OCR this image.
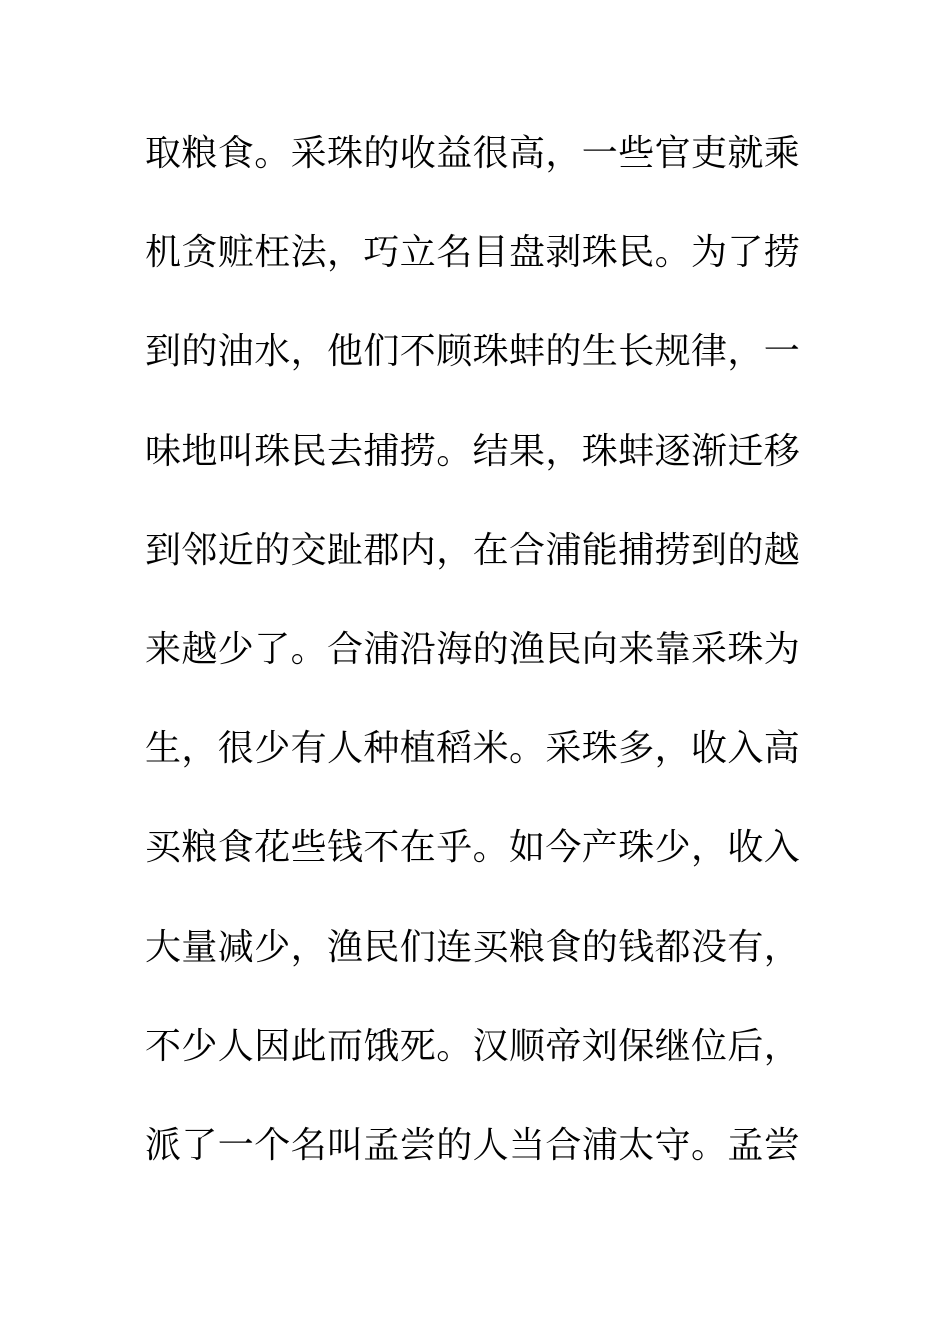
取粮食。采珠的收益很高，一些官吏就乘
机贪赃枉法，巧立名目盘剥珠民。为了捞
到的油水，他们不顾珠蚌的生长规律，一
味地叫珠民去捕捞。结果，珠蚌逐渐迁移
到邻近的交趾郡内，在合浦能捕捞到的越
来越少了。合浦沿海的渔民向来靠采珠为
生，很少有人种植稻米。采珠多，收入高
买粮食花些钱不在乎。如今产珠少，收入
大量减少，渔民们连买粮食的钱都没有，
不少人因此而饿死。汉顺帝刘保继位后，
派了一个名叫孟尝的人当合浦太守。孟尝
